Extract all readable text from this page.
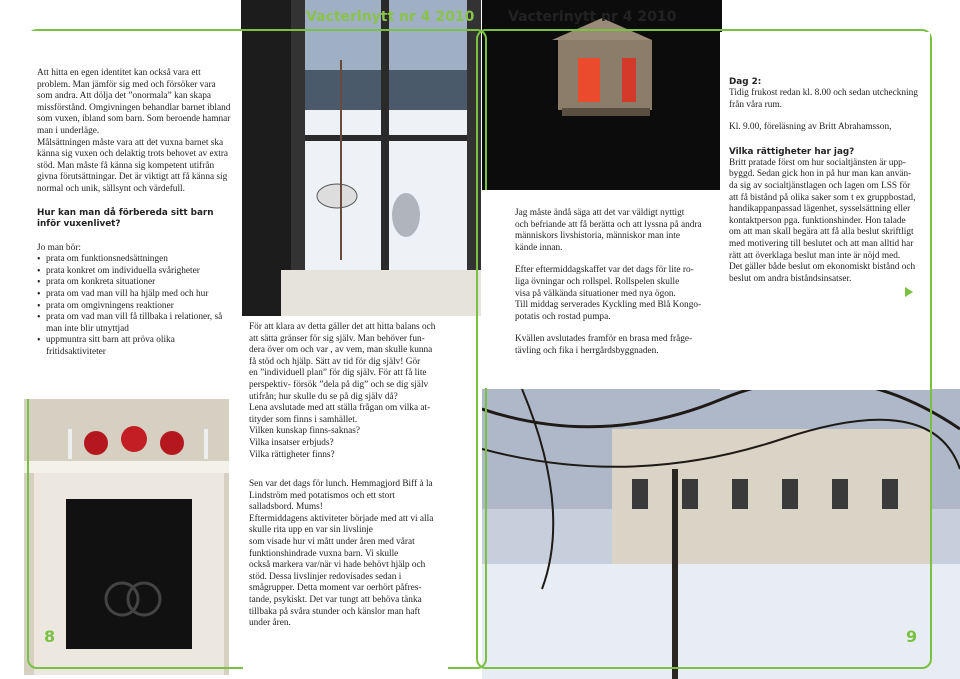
Vacterlnytt nr 4 2010 Vacterlnytt nr 4 2010

Att hitta en egen identitet kan också vara ett problem. Man jämför sig med och försöker vara som andra. Att dölja det ”onormala” kan skapa missförstånd. Omgivningen behandlar barnet ibland som vuxen, ibland som barn. Som beroende hamnar man i underläge.

Målsättningen måste vara att det vuxna barnet ska känna sig vuxen och delaktig trots behovet av extra stöd. Man måste få känna sig kompetent utifrån givna förutsättningar. Det är viktigt att få känna sig normal och unik, sällsynt och värdefull.

Hur kan man då förbereda sitt barn inför vuxenlivet?

Jo man bör:

• prata om funktionsnedsättningen
• prata konkret om individuella svårigheter
• prata om konkreta situationer
• prata om vad man vill ha hjälp med och hur
• prata om omgivningens reaktioner
• prata om vad man vill få tillbaka i relationer, så man inte blir utnyttjad
• uppmuntra sitt barn att pröva olika fritidsaktiviteter
För att klara av detta gäller det att hitta balans och
att sätta gränser för sig själv. Man behöver fun-
dera över om och var , av vem, man skulle kunna
få stöd och hjälp. Sätt av tid för dig själv! Gör
en ”individuell plan” för dig själv. För att få lite
perspektiv- försök ”dela på dig” och se dig själv
utifrån; hur skulle du se på dig själv då?
Lena avslutade med att ställa frågan om vilka at-
tityder som finns i samhället.
Vilken kunskap finns-saknas?
Vilka insatser erbjuds?
Vilka rättigheter finns?
Sen var det dags för lunch. Hemmagjord Biff à la
Lindström med potatismos och ett stort
salladsbord. Mums!
Eftermiddagens aktiviteter började med att vi alla
skulle rita upp en var sin livslinje
som visade hur vi mått under åren med vårat
funktionshindrade vuxna barn. Vi skulle
också markera var/när vi hade behövt hjälp och
stöd. Dessa livslinjer redovisades sedan i
smågrupper. Detta moment var oerhört påfres-
tande, psykiskt. Det var tungt att behöva tänka
tillbaka på svåra stunder och känslor man haft
under åren.
Jag måste ändå säga att det var väldigt nyttigt
och befriande att få berätta och att lyssna på andra
människors livshistoria, människor man inte
kände innan.
Efter eftermiddagskaffet var det dags för lite ro-
liga övningar och rollspel. Rollspelen skulle
visa på välkända situationer med nya ögon.
Till middag serverades Kyckling med Blå Kongo-
potatis och rostad pumpa.
Kvällen avslutades framför en brasa med fråge-
tävling och fika i herrgårdsbyggnaden.
Dag 2:
Tidig frukost redan kl. 8.00 och sedan utcheckning
från våra rum.
Kl. 9.00, föreläsning av Britt Abrahamsson,
Vilka rättigheter har jag?
Britt pratade först om hur socialtjänsten är upp-
byggd. Sedan gick hon in på hur man kan använ-
da sig av socialtjänstlagen och lagen om LSS för
att få bistånd på olika saker som t ex gruppbostad,
handikappanpassad lägenhet, sysselsättning eller
kontaktperson pga. funktionshinder. Hon talade
om att man skall begära att få alla beslut skriftligt
med motivering till beslutet och att man alltid har
rätt att överklaga beslut man inte är nöjd med.
Det gäller både beslut om ekonomiskt bistånd och
beslut om andra biståndsinsatser.
8	9
